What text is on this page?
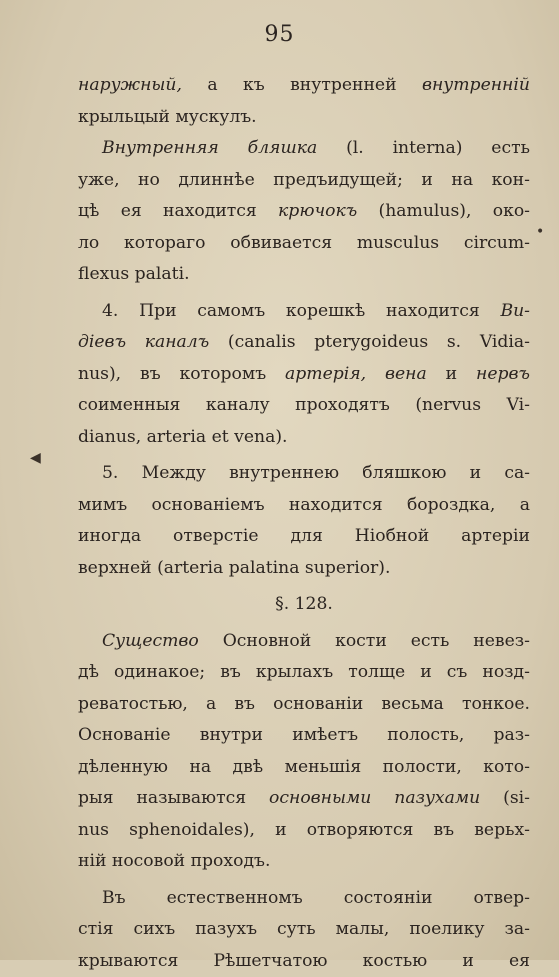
95
◀
•
наружный, а къ внутренней внутренній
крыльцый мускулъ.
Внутренняя бляшка (l. interna) есть
уже, но длиннѣе предъидущей; и на кон-
цѣ ея находится крючокъ (hamulus), око-
ло котораго обвивается musculus circum-
flexus palati.
4. При самомъ корешкѣ находится Ви-
діевъ каналъ (canalis pterygoideus s. Vidia-
nus), въ которомъ артерія, вена и нервъ
соименныя каналу проходятъ (nervus Vi-
dianus, arteria et vena).
5. Между внутреннею бляшкою и са-
мимъ основаніемъ находится бороздка, а
иногда отверстіе для Ніобной артеріи
верхней (arteria palatina superior).
§. 128.
Существо Основной кости есть невез-
дѣ одинакое; въ крылахъ толще и съ нозд-
реватостью, а въ основаніи весьма тонкое.
Основаніе внутри имѣетъ полость, раз-
дѣленную на двѣ меньшія полости, кото-
рыя называются основными пазухами (si-
nus sphenoidales), и отворяются въ верьх-
ній носовой проходъ.
Въ естественномъ состояніи отвер-
стія сихъ пазухъ суть малы, поелику за-
крываются Рѣшетчатою костью и ея
